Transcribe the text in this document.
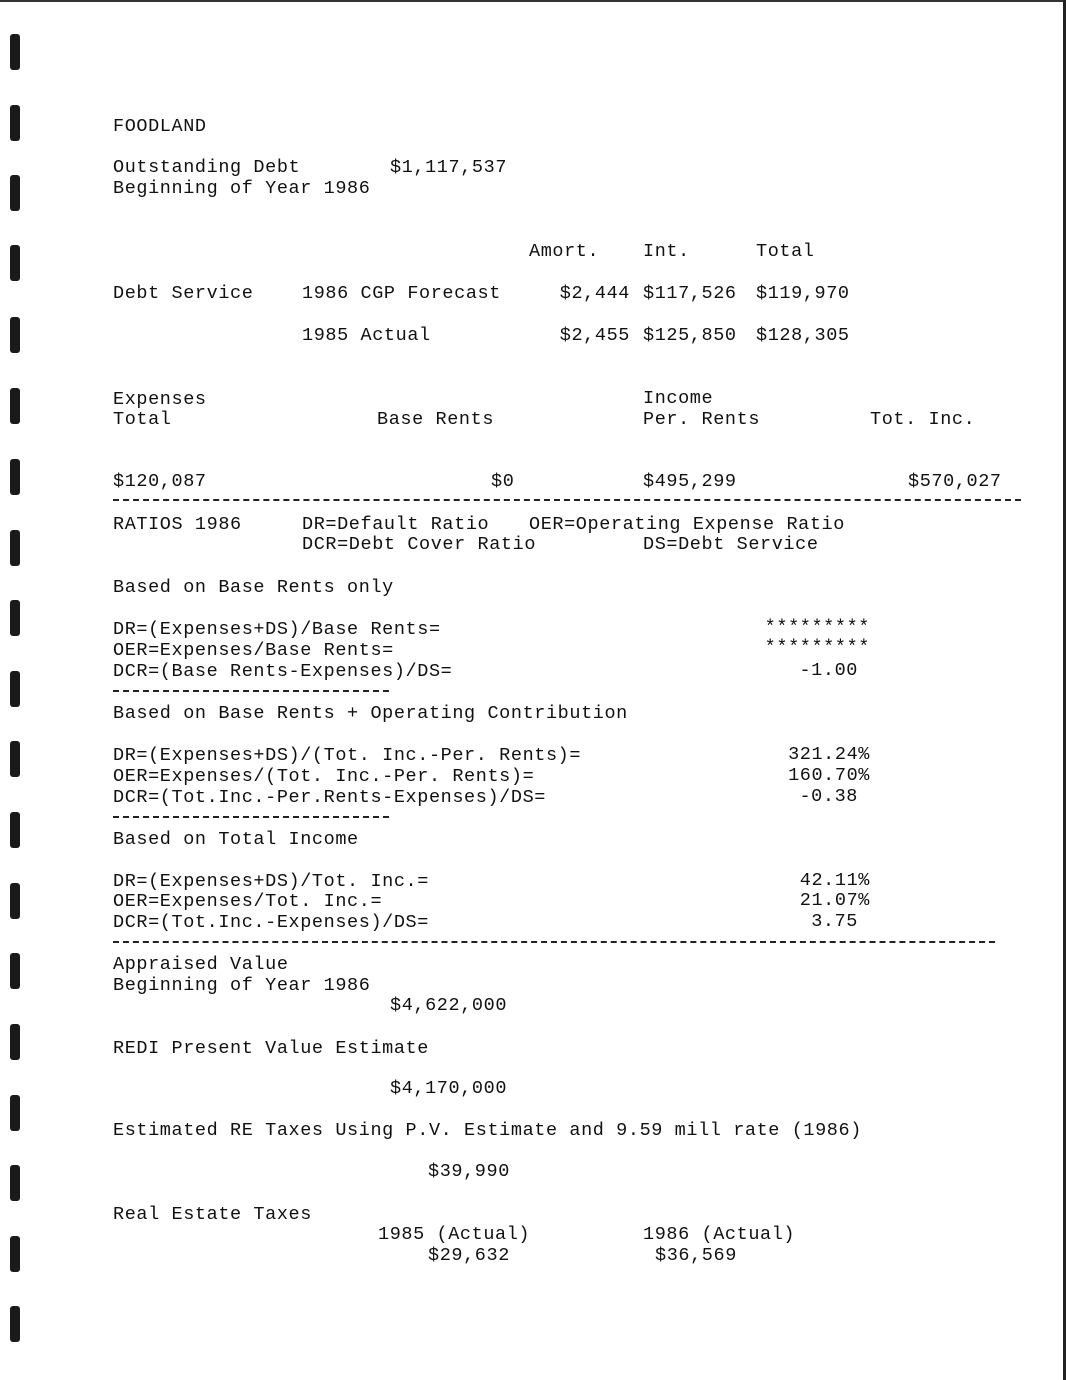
FOODLAND
Outstanding Debt	$1,117,537
Beginning of Year 1986
Amort. Int.	Total
Debt Service	1986 CGP Forecast	$2,444 $117,526 $119,970
1985 Actual	$2,455 $125,850 $128,305
Expenses
Total	Base Rents
Income
Per. Rents	Tot. Inc.
$120,087	$0	$495,299	$570,027
RATIOS 1986	DR=Default Ratio OER=Operating Expense Ratio
DCR=Debt Cover Ratio	DS=Debt Service
Based on Base Rents only
DR=(Expenses+DS)/Base Rents=	*********
OER=Expenses/Base Rents=	*********
DCR=(Base Rents-Expenses)/DS=	-1.00
Based on Base Rents + Operating Contribution
DR=(Expenses+DS)/(Tot. Inc.-Per. Rents)=	321.24%
OER=Expenses/(Tot. Inc.-Per. Rents)=	160.70%
DCR=(Tot.Inc.-Per.Rents-Expenses)/DS=	-0.38
Based on Total Income
DR=(Expenses+DS)/Tot. Inc.=	42.11%
OER=Expenses/Tot. Inc.=	21.07%
DCR=(Tot.Inc.-Expenses)/DS=	3.75
Appraised Value
Beginning of Year 1986
$4,622,000
REDI Present Value Estimate
$4,170,000
Estimated RE Taxes Using P.V. Estimate and 9.59 mill rate (1986)
$39,990
Real Estate Taxes
1985 (Actual)	1986 (Actual)
$29,632	$36,569
